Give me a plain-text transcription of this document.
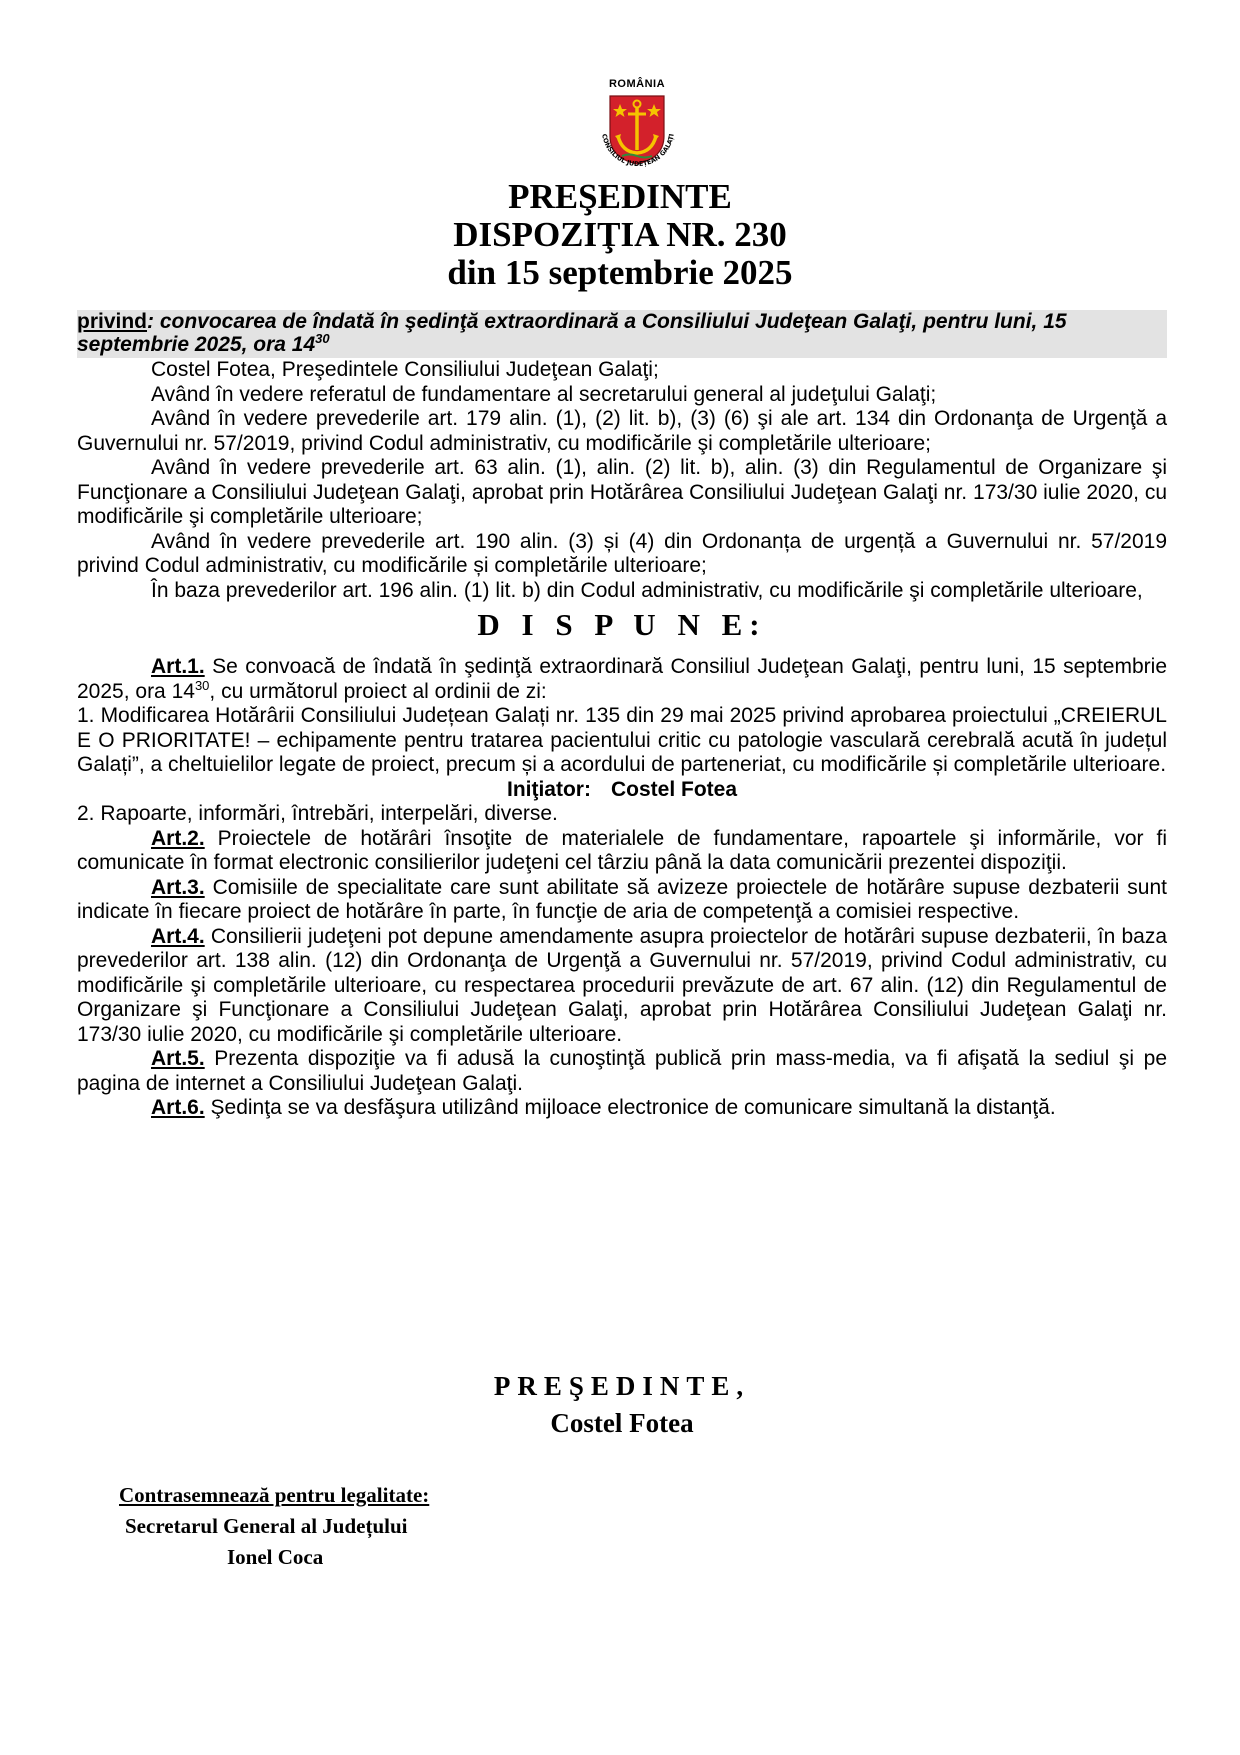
ROMÂNIA
CONSILIUL JUDEȚEAN GALAȚI
PREŞEDINTE
DISPOZIŢIA NR. 230
din 15 septembrie 2025
privind: convocarea de îndată în şedinţă extraordinară a Consiliului Judeţean Galaţi, pentru luni, 15 septembrie 2025, ora $14^{30}$

Costel Fotea, Preşedintele Consiliului Judeţean Galaţi;

Având în vedere referatul de fundamentare al secretarului general al judeţului Galaţi;

Având în vedere prevederile art. 179 alin. (1), (2) lit. b), (3) (6) şi ale art. 134 din Ordonanţa de Urgenţă a Guvernului nr. 57/2019, privind Codul administrativ, cu modificările şi completările ulterioare;

Având în vedere prevederile art. 63 alin. (1), alin. (2) lit. b), alin. (3) din Regulamentul de Organizare şi Funcţionare a Consiliului Judeţean Galaţi, aprobat prin Hotărârea Consiliului Judeţean Galaţi nr. 173/30 iulie 2020, cu modificările şi completările ulterioare;

Având în vedere prevederile art. 190 alin. (3) și (4) din Ordonanța de urgență a Guvernului nr. 57/2019 privind Codul administrativ, cu modificările și completările ulterioare;

În baza prevederilor art. 196 alin. (1) lit. b) din Codul administrativ, cu modificările şi completările ulterioare,

D I S P U N E:

Art.1. Se convoacă de îndată în şedinţă extraordinară Consiliul Judeţean Galaţi, pentru luni, 15 septembrie 2025, ora $14^{30}$, cu următorul proiect al ordinii de zi:

1. Modificarea Hotărârii Consiliului Județean Galați nr. 135 din 29 mai 2025 privind aprobarea proiectului „CREIERUL E O PRIORITATE! – echipamente pentru tratarea pacientului critic cu patologie vasculară cerebrală acută în județul Galați”, a cheltuielilor legate de proiect, precum și a acordului de parteneriat, cu modificările și completările ulterioare.

Iniţiator: Costel Fotea

2. Rapoarte, informări, întrebări, interpelări, diverse.

Art.2. Proiectele de hotărâri însoţite de materialele de fundamentare, rapoartele şi informările, vor fi comunicate în format electronic consilierilor judeţeni cel târziu până la data comunicării prezentei dispoziţii.

Art.3. Comisiile de specialitate care sunt abilitate să avizeze proiectele de hotărâre supuse dezbaterii sunt indicate în fiecare proiect de hotărâre în parte, în funcţie de aria de competenţă a comisiei respective.

Art.4. Consilierii judeţeni pot depune amendamente asupra proiectelor de hotărâri supuse dezbaterii, în baza prevederilor art. 138 alin. (12) din Ordonanţa de Urgenţă a Guvernului nr. 57/2019, privind Codul administrativ, cu modificările şi completările ulterioare, cu respectarea procedurii prevăzute de art. 67 alin. (12) din Regulamentul de Organizare şi Funcţionare a Consiliului Judeţean Galaţi, aprobat prin Hotărârea Consiliului Judeţean Galaţi nr. 173/30 iulie 2020, cu modificările şi completările ulterioare.

Art.5. Prezenta dispoziţie va fi adusă la cunoştinţă publică prin mass-media, va fi afişată la sediul şi pe pagina de internet a Consiliului Judeţean Galaţi.

Art.6. Şedinţa se va desfăşura utilizând mijloace electronice de comunicare simultană la distanţă.

PREŞEDINTE,
Costel Fotea
Contrasemnează pentru legalitate:
Secretarul General al Județului
Ionel Coca
